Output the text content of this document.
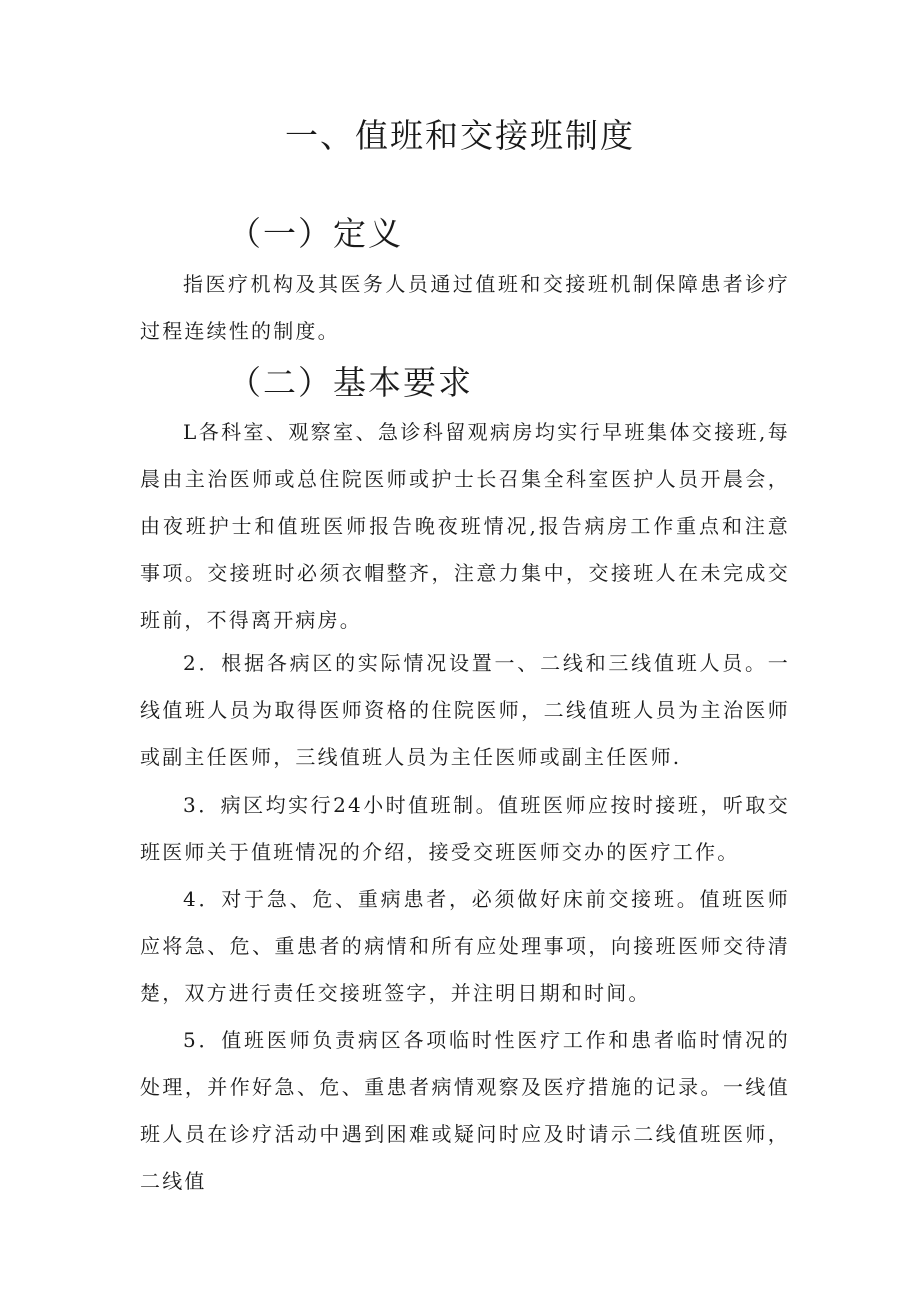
一、值班和交接班制度
（一）定义

指医疗机构及其医务人员通过值班和交接班机制保障患者诊疗过程连续性的制度。

（二）基本要求

L各科室、观察室、急诊科留观病房均实行早班集体交接班,每晨由主治医师或总住院医师或护士长召集全科室医护人员开晨会，由夜班护士和值班医师报告晚夜班情况,报告病房工作重点和注意事项。交接班时必须衣帽整齐，注意力集中，交接班人在未完成交班前，不得离开病房。

2．根据各病区的实际情况设置一、二线和三线值班人员。一线值班人员为取得医师资格的住院医师，二线值班人员为主治医师或副主任医师，三线值班人员为主任医师或副主任医师.

3．病区均实行24小时值班制。值班医师应按时接班，听取交班医师关于值班情况的介绍，接受交班医师交办的医疗工作。

4．对于急、危、重病患者，必须做好床前交接班。值班医师应将急、危、重患者的病情和所有应处理事项，向接班医师交待清楚，双方进行责任交接班签字，并注明日期和时间。

5．值班医师负责病区各项临时性医疗工作和患者临时情况的处理，并作好急、危、重患者病情观察及医疗措施的记录。一线值班人员在诊疗活动中遇到困难或疑问时应及时请示二线值班医师，二线值
